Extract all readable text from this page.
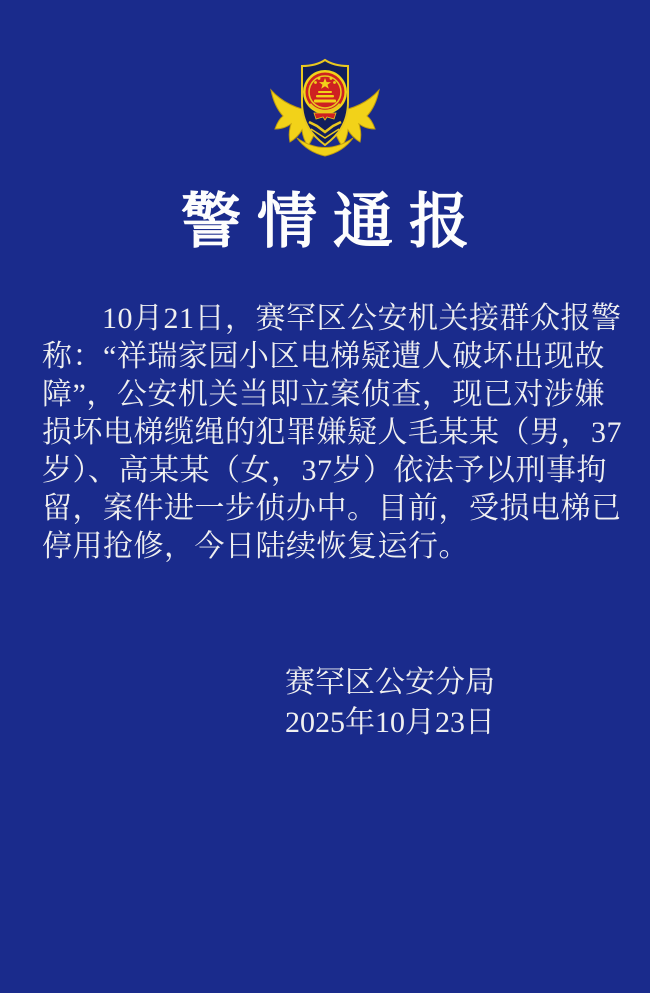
警情通报

10月21日，赛罕区公安机关接群众报警

称：“祥瑞家园小区电梯疑遭人破坏出现故

障”，公安机关当即立案侦查，现已对涉嫌

损坏电梯缆绳的犯罪嫌疑人毛某某（男，37

岁）、高某某（女，37岁）依法予以刑事拘

留，案件进一步侦办中。目前，受损电梯已

停用抢修，今日陆续恢复运行。

赛罕区公安分局
2025年10月23日
